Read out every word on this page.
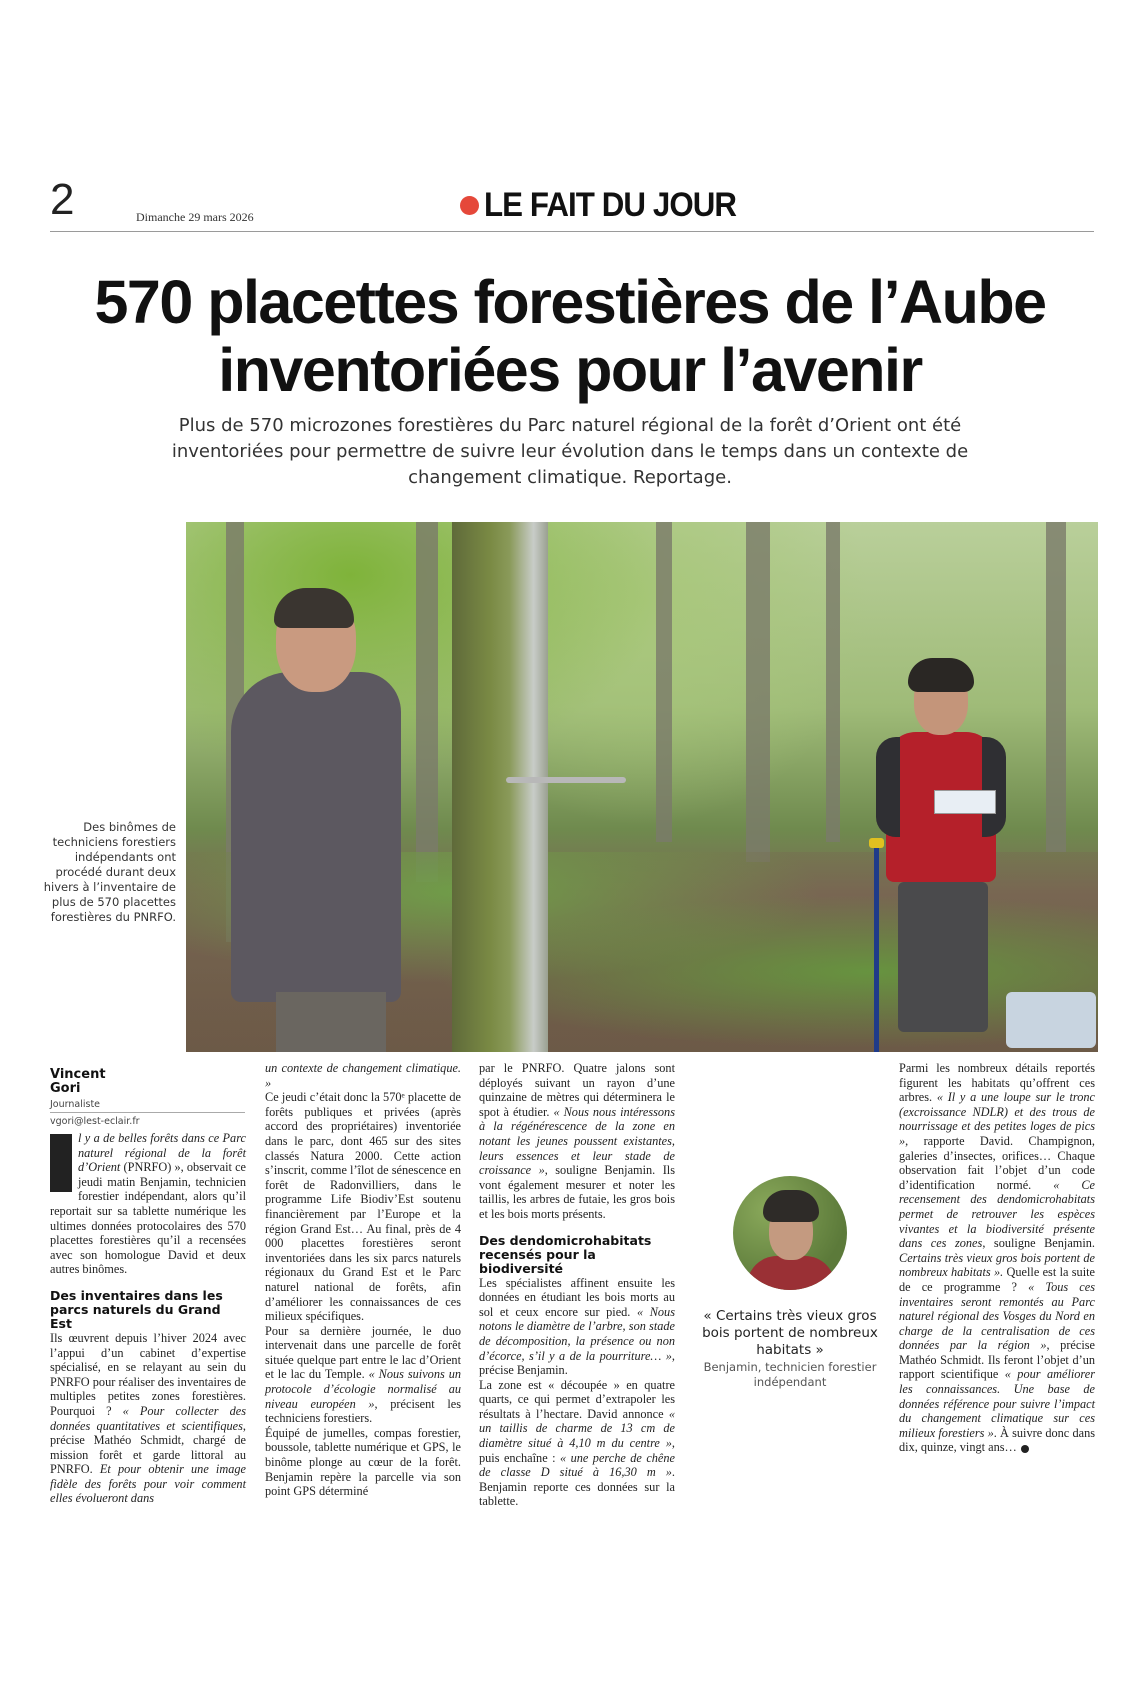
2	Dimanche 29 mars 2026	LE FAIT DU JOUR
570 placettes forestières de l’Aube inventoriées pour l’avenir

Plus de 570 microzones forestières du Parc naturel régional de la forêt d’Orient ont été inventoriées pour permettre de suivre leur évolution dans le temps dans un contexte de changement climatique. Reportage.

Des binômes de techniciens forestiers indépendants ont procédé durant deux hivers à l’inventaire de plus de 570 placettes forestières du PNRFO.
Vincent
Gori
Journaliste
vgori@lest-eclair.fr

l y a de belles forêts dans ce Parc naturel régional de la forêt d’Orient (PNRFO) », observait ce jeudi matin Benjamin, technicien forestier indépendant, alors qu’il reportait sur sa tablette numérique les ultimes données protocolaires des 570 placettes forestières qu’il a recensées avec son homologue David et deux autres binômes.

Des inventaires dans les parcs naturels du Grand Est

Ils œuvrent depuis l’hiver 2024 avec l’appui d’un cabinet d’expertise spécialisé, en se relayant au sein du PNRFO pour réaliser des inventaires de multiples petites zones forestières. Pourquoi ? « Pour collecter des données quantitatives et scientifiques, précise Mathéo Schmidt, chargé de mission forêt et garde littoral au PNRFO. Et pour obtenir une image fidèle des forêts pour voir comment elles évolueront dans

un contexte de changement climatique. »

Ce jeudi c’était donc la 570ᵉ placette de forêts publiques et privées (après accord des propriétaires) inventoriée dans le parc, dont 465 sur des sites classés Natura 2000. Cette action s’inscrit, comme l’îlot de sénescence en forêt de Radonvilliers, dans le programme Life Biodiv’Est soutenu financièrement par l’Europe et la région Grand Est… Au final, près de 4 000 placettes forestières seront inventoriées dans les six parcs naturels régionaux du Grand Est et le Parc naturel national de forêts, afin d’améliorer les connaissances de ces milieux spécifiques.

Pour sa dernière journée, le duo intervenait dans une parcelle de forêt située quelque part entre le lac d’Orient et le lac du Temple. « Nous suivons un protocole d’écologie normalisé au niveau européen », précisent les techniciens forestiers.

Équipé de jumelles, compas forestier, boussole, tablette numérique et GPS, le binôme plonge au cœur de la forêt. Benjamin repère la parcelle via son point GPS déterminé

par le PNRFO. Quatre jalons sont déployés suivant un rayon d’une quinzaine de mètres qui déterminera le spot à étudier. « Nous nous intéressons à la régénérescence de la zone en notant les jeunes poussent existantes, leurs essences et leur stade de croissance », souligne Benjamin. Ils vont également mesurer et noter les taillis, les arbres de futaie, les gros bois et les bois morts présents.

Des dendomicrohabitats recensés pour la biodiversité

Les spécialistes affinent ensuite les données en étudiant les bois morts au sol et ceux encore sur pied. « Nous notons le diamètre de l’arbre, son stade de décomposition, la présence ou non d’écorce, s’il y a de la pourriture… », précise Benjamin.

La zone est « découpée » en quatre quarts, ce qui permet d’extrapoler les résultats à l’hectare. David annonce « un taillis de charme de 13 cm de diamètre situé à 4,10 m du centre », puis enchaîne : « une perche de chêne de classe D situé à 16,30 m ». Benjamin reporte ces données sur la tablette.

« Certains très vieux gros bois portent de nombreux habitats »
Benjamin, technicien forestier indépendant

Parmi les nombreux détails reportés figurent les habitats qu’offrent ces arbres. « Il y a une loupe sur le tronc (excroissance NDLR) et des trous de nourrissage et des petites loges de pics », rapporte David. Champignon, galeries d’insectes, orifices… Chaque observation fait l’objet d’un code d’identification normé. « Ce recensement des dendomicrohabitats permet de retrouver les espèces vivantes et la biodiversité présente dans ces zones, souligne Benjamin. Certains très vieux gros bois portent de nombreux habitats ». Quelle est la suite de ce programme ? « Tous ces inventaires seront remontés au Parc naturel régional des Vosges du Nord en charge de la centralisation de ces données par la région », précise Mathéo Schmidt. Ils feront l’objet d’un rapport scientifique « pour améliorer les connaissances. Une base de données référence pour suivre l’impact du changement climatique sur ces milieux forestiers ». À suivre donc dans dix, quinze, vingt ans…
